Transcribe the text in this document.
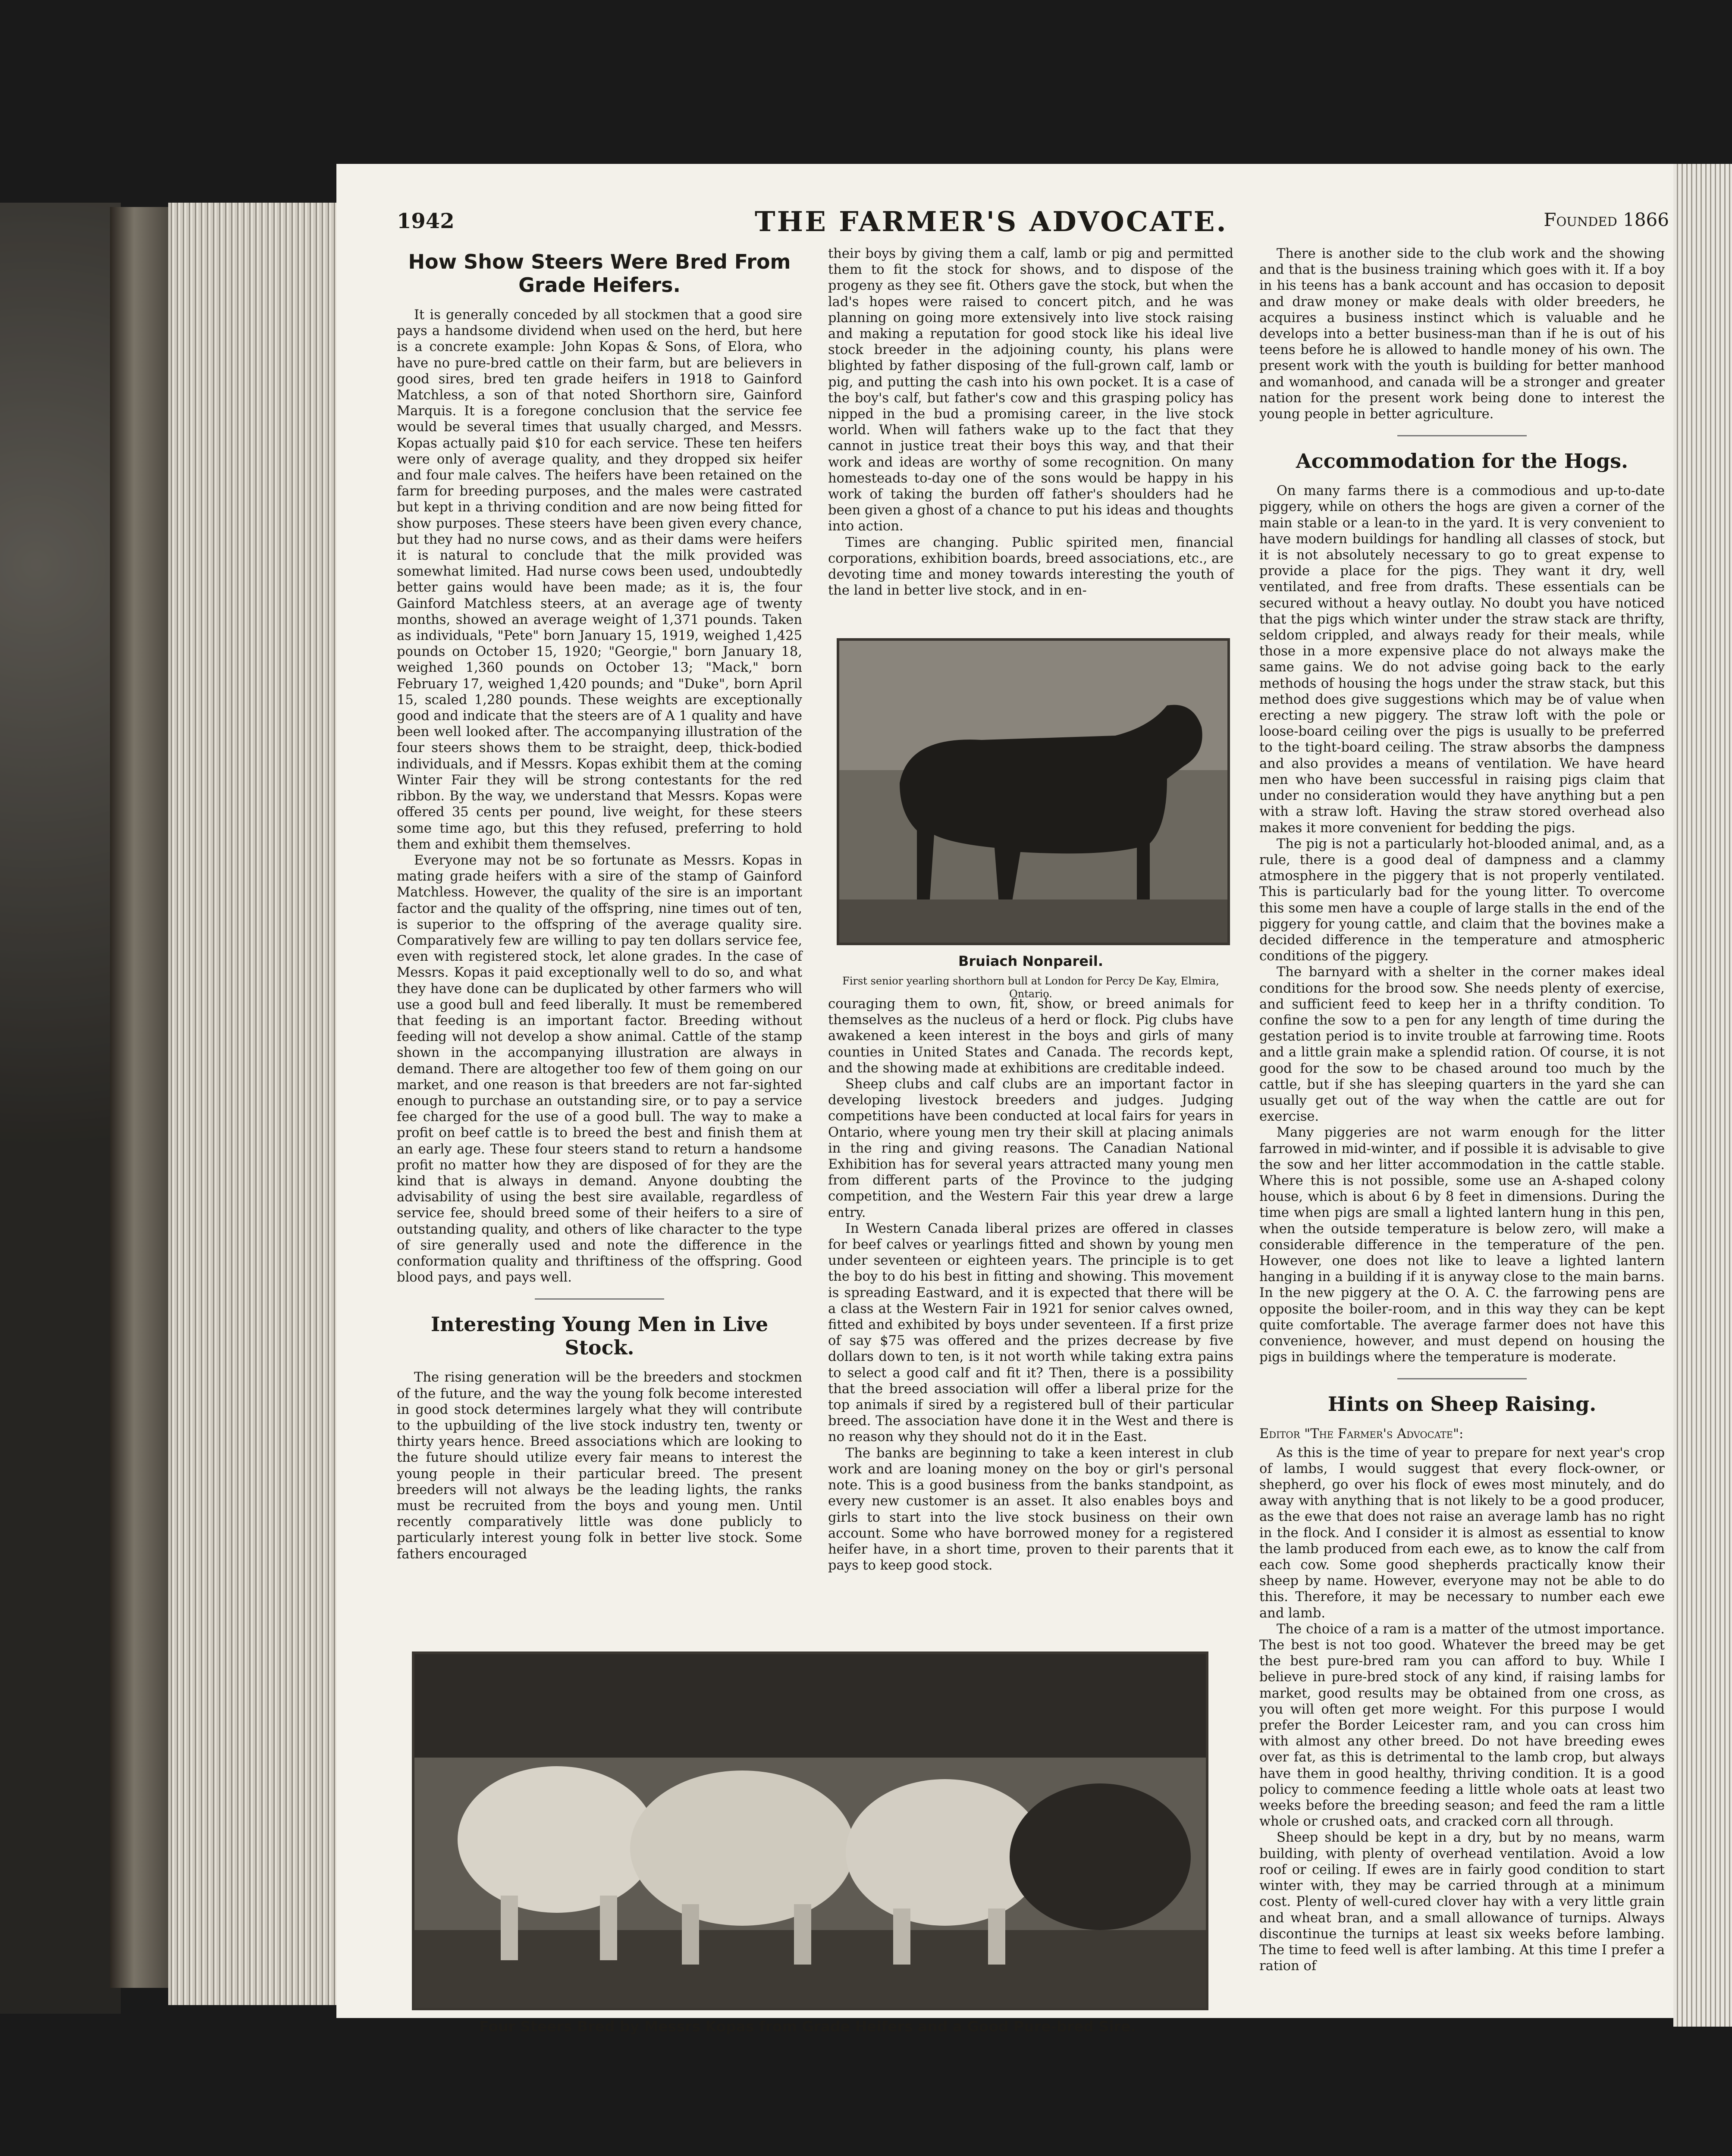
1942	THE FARMER'S ADVOCATE.	Founded 1866
How Show Steers Were Bred From Grade Heifers.

It is generally conceded by all stockmen that a good sire pays a handsome dividend when used on the herd, but here is a concrete example: John Kopas & Sons, of Elora, who have no pure-bred cattle on their farm, but are believers in good sires, bred ten grade heifers in 1918 to Gainford Matchless, a son of that noted Shorthorn sire, Gainford Marquis. It is a foregone conclusion that the service fee would be several times that usually charged, and Messrs. Kopas actually paid $10 for each service. These ten heifers were only of average quality, and they dropped six heifer and four male calves. The heifers have been retained on the farm for breeding purposes, and the males were castrated but kept in a thriving condition and are now being fitted for show purposes. These steers have been given every chance, but they had no nurse cows, and as their dams were heifers it is natural to conclude that the milk provided was somewhat limited. Had nurse cows been used, undoubtedly better gains would have been made; as it is, the four Gainford Matchless steers, at an average age of twenty months, showed an average weight of 1,371 pounds. Taken as individuals, "Pete" born January 15, 1919, weighed 1,425 pounds on October 15, 1920; "Georgie," born January 18, weighed 1,360 pounds on October 13; "Mack," born February 17, weighed 1,420 pounds; and "Duke", born April 15, scaled 1,280 pounds. These weights are exceptionally good and indicate that the steers are of A 1 quality and have been well looked after. The accompanying illustration of the four steers shows them to be straight, deep, thick-bodied individuals, and if Messrs. Kopas exhibit them at the coming Winter Fair they will be strong contestants for the red ribbon. By the way, we understand that Messrs. Kopas were offered 35 cents per pound, live weight, for these steers some time ago, but this they refused, preferring to hold them and exhibit them themselves.

Everyone may not be so fortunate as Messrs. Kopas in mating grade heifers with a sire of the stamp of Gainford Matchless. However, the quality of the sire is an important factor and the quality of the offspring, nine times out of ten, is superior to the offspring of the average quality sire. Comparatively few are willing to pay ten dollars service fee, even with registered stock, let alone grades. In the case of Messrs. Kopas it paid exceptionally well to do so, and what they have done can be duplicated by other farmers who will use a good bull and feed liberally. It must be remembered that feeding is an important factor. Breeding without feeding will not develop a show animal. Cattle of the stamp shown in the accompanying illustration are always in demand. There are altogether too few of them going on our market, and one reason is that breeders are not far-sighted enough to purchase an outstanding sire, or to pay a service fee charged for the use of a good bull. The way to make a profit on beef cattle is to breed the best and finish them at an early age. These four steers stand to return a handsome profit no matter how they are disposed of for they are the kind that is always in demand. Anyone doubting the advisability of using the best sire available, regardless of service fee, should breed some of their heifers to a sire of outstanding quality, and others of like character to the type of sire generally used and note the difference in the conformation quality and thriftiness of the offspring. Good blood pays, and pays well.

Interesting Young Men in Live Stock.

The rising generation will be the breeders and stockmen of the future, and the way the young folk become interested in good stock determines largely what they will contribute to the upbuilding of the live stock industry ten, twenty or thirty years hence. Breed associations which are looking to the future should utilize every fair means to interest the young people in their particular breed. The present breeders will not always be the leading lights, the ranks must be recruited from the boys and young men. Until recently comparatively little was done publicly to particularly interest young folk in better live stock. Some fathers encouraged

their boys by giving them a calf, lamb or pig and permitted them to fit the stock for shows, and to dispose of the progeny as they see fit. Others gave the stock, but when the lad's hopes were raised to concert pitch, and he was planning on going more extensively into live stock raising and making a reputation for good stock like his ideal live stock breeder in the adjoining county, his plans were blighted by father disposing of the full-grown calf, lamb or pig, and putting the cash into his own pocket. It is a case of the boy's calf, but father's cow and this grasping policy has nipped in the bud a promising career, in the live stock world. When will fathers wake up to the fact that they cannot in justice treat their boys this way, and that their work and ideas are worthy of some recognition. On many homesteads to-day one of the sons would be happy in his work of taking the burden off father's shoulders had he been given a ghost of a chance to put his ideas and thoughts into action.

Times are changing. Public spirited men, financial corporations, exhibition boards, breed associations, etc., are devoting time and money towards interesting the youth of the land in better live stock, and in en-

couraging them to own, fit, show, or breed animals for themselves as the nucleus of a herd or flock. Pig clubs have awakened a keen interest in the boys and girls of many counties in United States and Canada. The records kept, and the showing made at exhibitions are creditable indeed.

Sheep clubs and calf clubs are an important factor in developing livestock breeders and judges. Judging competitions have been conducted at local fairs for years in Ontario, where young men try their skill at placing animals in the ring and giving reasons. The Canadian National Exhibition has for several years attracted many young men from different parts of the Province to the judging competition, and the Western Fair this year drew a large entry.

In Western Canada liberal prizes are offered in classes for beef calves or yearlings fitted and shown by young men under seventeen or eighteen years. The principle is to get the boy to do his best in fitting and showing. This movement is spreading Eastward, and it is expected that there will be a class at the Western Fair in 1921 for senior calves owned, fitted and exhibited by boys under seventeen. If a first prize of say $75 was offered and the prizes decrease by five dollars down to ten, is it not worth while taking extra pains to select a good calf and fit it? Then, there is a possibility that the breed association will offer a liberal prize for the top animals if sired by a registered bull of their particular breed. The association have done it in the West and there is no reason why they should not do it in the East.

The banks are beginning to take a keen interest in club work and are loaning money on the boy or girl's personal note. This is a good business from the banks standpoint, as every new customer is an asset. It also enables boys and girls to start into the live stock business on their own account. Some who have borrowed money for a registered heifer have, in a short time, proven to their parents that it pays to keep good stock.

Bruiach Nonpareil.
First senior yearling shorthorn bull at London for Percy De Kay, Elmira, Ontario.

There is another side to the club work and the showing and that is the business training which goes with it. If a boy in his teens has a bank account and has occasion to deposit and draw money or make deals with older breeders, he acquires a business instinct which is valuable and he develops into a better business-man than if he is out of his teens before he is allowed to handle money of his own. The present work with the youth is building for better manhood and womanhood, and canada will be a stronger and greater nation for the present work being done to interest the young people in better agriculture.

Accommodation for the Hogs.

On many farms there is a commodious and up-to-date piggery, while on others the hogs are given a corner of the main stable or a lean-to in the yard. It is very convenient to have modern buildings for handling all classes of stock, but it is not absolutely necessary to go to great expense to provide a place for the pigs. They want it dry, well ventilated, and free from drafts. These essentials can be secured without a heavy outlay. No doubt you have noticed that the pigs which winter under the straw stack are thrifty, seldom crippled, and always ready for their meals, while those in a more expensive place do not always make the same gains. We do not advise going back to the early methods of housing the hogs under the straw stack, but this method does give suggestions which may be of value when erecting a new piggery. The straw loft with the pole or loose-board ceiling over the pigs is usually to be preferred to the tight-board ceiling. The straw absorbs the dampness and also provides a means of ventilation. We have heard men who have been successful in raising pigs claim that under no consideration would they have anything but a pen with a straw loft. Having the straw stored overhead also makes it more convenient for bedding the pigs.

The pig is not a particularly hot-blooded animal, and, as a rule, there is a good deal of dampness and a clammy atmosphere in the piggery that is not properly ventilated. This is particularly bad for the young litter. To overcome this some men have a couple of large stalls in the end of the piggery for young cattle, and claim that the bovines make a decided difference in the temperature and atmospheric conditions of the piggery.

The barnyard with a shelter in the corner makes ideal conditions for the brood sow. She needs plenty of exercise, and sufficient feed to keep her in a thrifty condition. To confine the sow to a pen for any length of time during the gestation period is to invite trouble at farrowing time. Roots and a little grain make a splendid ration. Of course, it is not good for the sow to be chased around too much by the cattle, but if she has sleeping quarters in the yard she can usually get out of the way when the cattle are out for exercise.

Many piggeries are not warm enough for the litter farrowed in mid-winter, and if possible it is advisable to give the sow and her litter accommodation in the cattle stable. Where this is not possible, some use an A-shaped colony house, which is about 6 by 8 feet in dimensions. During the time when pigs are small a lighted lantern hung in this pen, when the outside temperature is below zero, will make a considerable difference in the temperature of the pen. However, one does not like to leave a lighted lantern hanging in a building if it is anyway close to the main barns. In the new piggery at the O. A. C. the farrowing pens are opposite the boiler-room, and in this way they can be kept quite comfortable. The average farmer does not have this convenience, however, and must depend on housing the pigs in buildings where the temperature is moderate.

Hints on Sheep Raising.

Editor "The Farmer's Advocate":

As this is the time of year to prepare for next year's crop of lambs, I would suggest that every flock-owner, or shepherd, go over his flock of ewes most minutely, and do away with anything that is not likely to be a good producer, as the ewe that does not raise an average lamb has no right in the flock. And I consider it is almost as essential to know the lamb produced from each ewe, as to know the calf from each cow. Some good shepherds practically know their sheep by name. However, everyone may not be able to do this. Therefore, it may be necessary to number each ewe and lamb.

The choice of a ram is a matter of the utmost importance. The best is not too good. Whatever the breed may be get the best pure-bred ram you can afford to buy. While I believe in pure-bred stock of any kind, if raising lambs for market, good results may be obtained from one cross, as you will often get more weight. For this purpose I would prefer the Border Leicester ram, and you can cross him with almost any other breed. Do not have breeding ewes over fat, as this is detrimental to the lamb crop, but always have them in good healthy, thriving condition. It is a good policy to commence feeding a little whole oats at least two weeks before the breeding season; and feed the ram a little whole or crushed oats, and cracked corn all through.

Sheep should be kept in a dry, but by no means, warm building, with plenty of overhead ventilation. Avoid a low roof or ceiling. If ewes are in fairly good condition to start winter with, they may be carried through at a minimum cost. Plenty of well-cured clover hay with a very little grain and wheat bran, and a small allowance of turnips. Always discontinue the turnips at least six weeks before lambing. The time to feed well is after lambing. At this time I prefer a ration of

Four Steers Bred by Messrs Kopas from Grade Heifers and a Good Pure-bred Sire.
